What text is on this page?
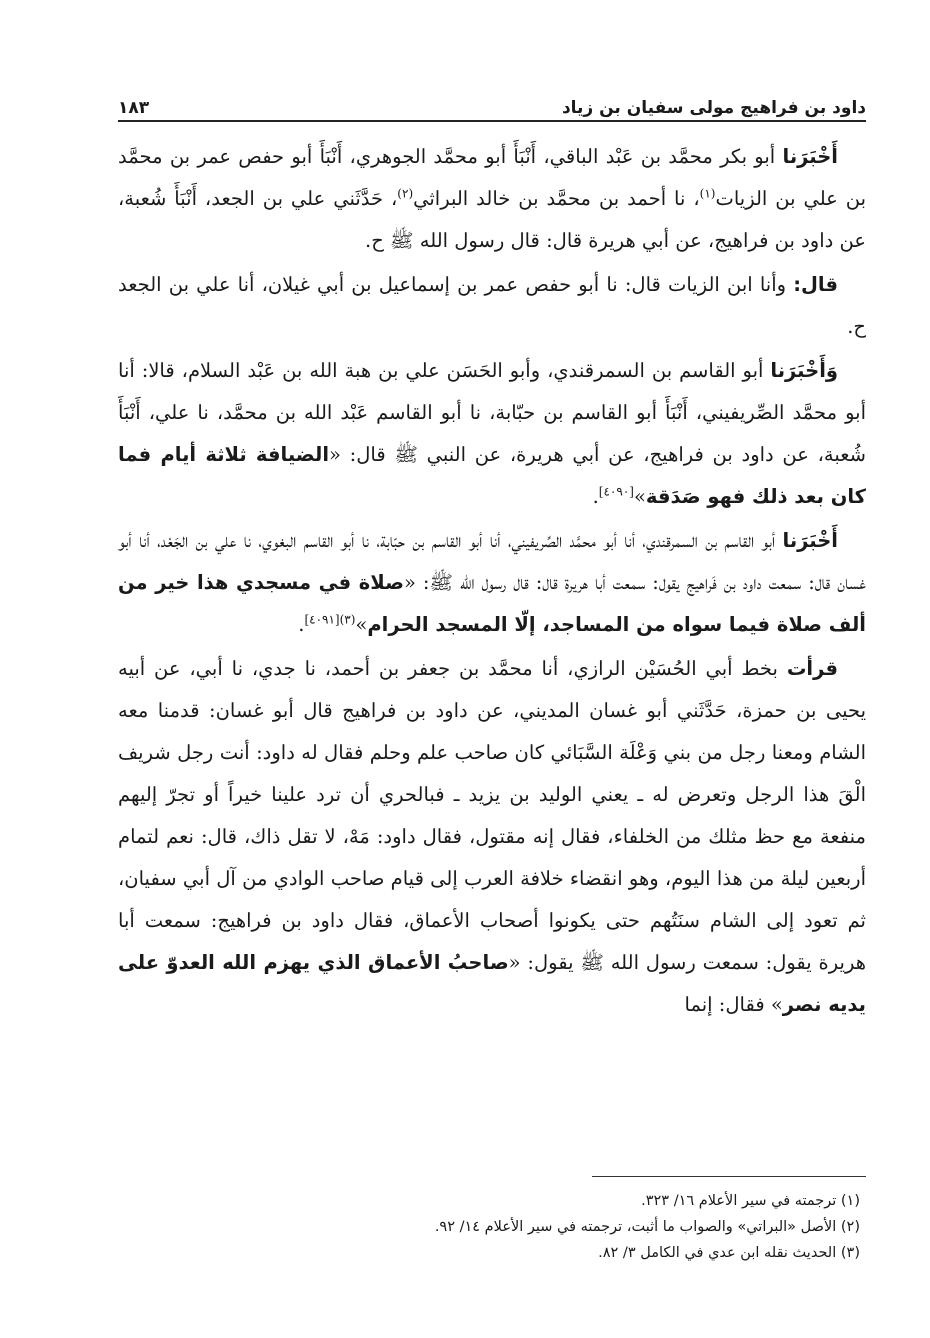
داود بن فراهيج مولى سفيان بن زياد
١٨٣

أَخْبَرَنا أبو بكر محمَّد بن عَبْد الباقي، أَنْبَأَ أبو محمَّد الجوهري، أَنْبَأَ أبو حفص عمر بن محمَّد بن علي بن الزيات$^{(١)}$، نا أحمد بن محمَّد بن خالد البراثي$^{(٢)}$، حَدَّثَني علي بن الجعد، أَنْبَأَ شُعبة، عن داود بن فراهيج، عن أبي هريرة قال: قال رسول الله ﷺ ح.

قال: وأنا ابن الزيات قال: نا أبو حفص عمر بن إسماعيل بن أبي غيلان، أنا علي بن الجعد ح.

وَأَخْبَرَنا أبو القاسم بن السمرقندي، وأبو الحَسَن علي بن هبة الله بن عَبْد السلام، قالا: أنا أبو محمَّد الصِّريفيني، أَنْبَأَ أبو القاسم بن حبّابة، نا أبو القاسم عَبْد الله بن محمَّد، نا علي، أَنْبَأَ شُعبة، عن داود بن فراهيج، عن أبي هريرة، عن النبي ﷺ قال: «الضيافة ثلاثة أيام فما كان بعد ذلك فهو صَدَقة»[٤٠٩٠].

أَخْبَرَنا أبو القاسم بن السمرقندي، أنا أبو محمَّد الصِّريفيني، أنا أبو القاسم بن حبّابة، نا أبو القاسم البغوي، نا علي بن الجَعْد، أنا أبو غسان قال: سمعت داود بن فَراهيج يقول: سمعت أبا هريرة قال: قال رسول الله ﷺ: «صلاة في مسجدي هذا خير من ألف صلاة فيما سواه من المساجد، إلّا المسجد الحرام»$^{(٣)[٤٠٩١]}$.

قرأت بخط أبي الحُسَيْن الرازي، أنا محمَّد بن جعفر بن أحمد، نا جدي، نا أبي، عن أبيه يحيى بن حمزة، حَدَّثَني أبو غسان المديني، عن داود بن فراهيج قال أبو غسان: قدمنا معه الشام ومعنا رجل من بني وَعْلَة السَّبَائي كان صاحب علم وحلم فقال له داود: أنت رجل شريف الْقَ هذا الرجل وتعرض له ـ يعني الوليد بن يزيد ـ فبالحري أن ترد علينا خيراً أو تجرّ إليهم منفعة مع حظ مثلك من الخلفاء، فقال إنه مقتول، فقال داود: مَهْ، لا تقل ذاك، قال: نعم لتمام أربعين ليلة من هذا اليوم، وهو انقضاء خلافة العرب إلى قيام صاحب الوادي من آل أبي سفيان، ثم تعود إلى الشام سنَتُهم حتى يكونوا أصحاب الأعماق، فقال داود بن فراهيج: سمعت أبا هريرة يقول: سمعت رسول الله ﷺ يقول: «صاحبُ الأعماق الذي يهزم الله العدوّ على يديه نصر» فقال: إنما

(١) ترجمته في سير الأعلام ١٦/ ٣٢٣.
(٢) الأصل «البراتي» والصواب ما أثبت، ترجمته في سير الأعلام ١٤/ ٩٢.
(٣) الحديث نقله ابن عدي في الكامل ٣/ ٨٢.
